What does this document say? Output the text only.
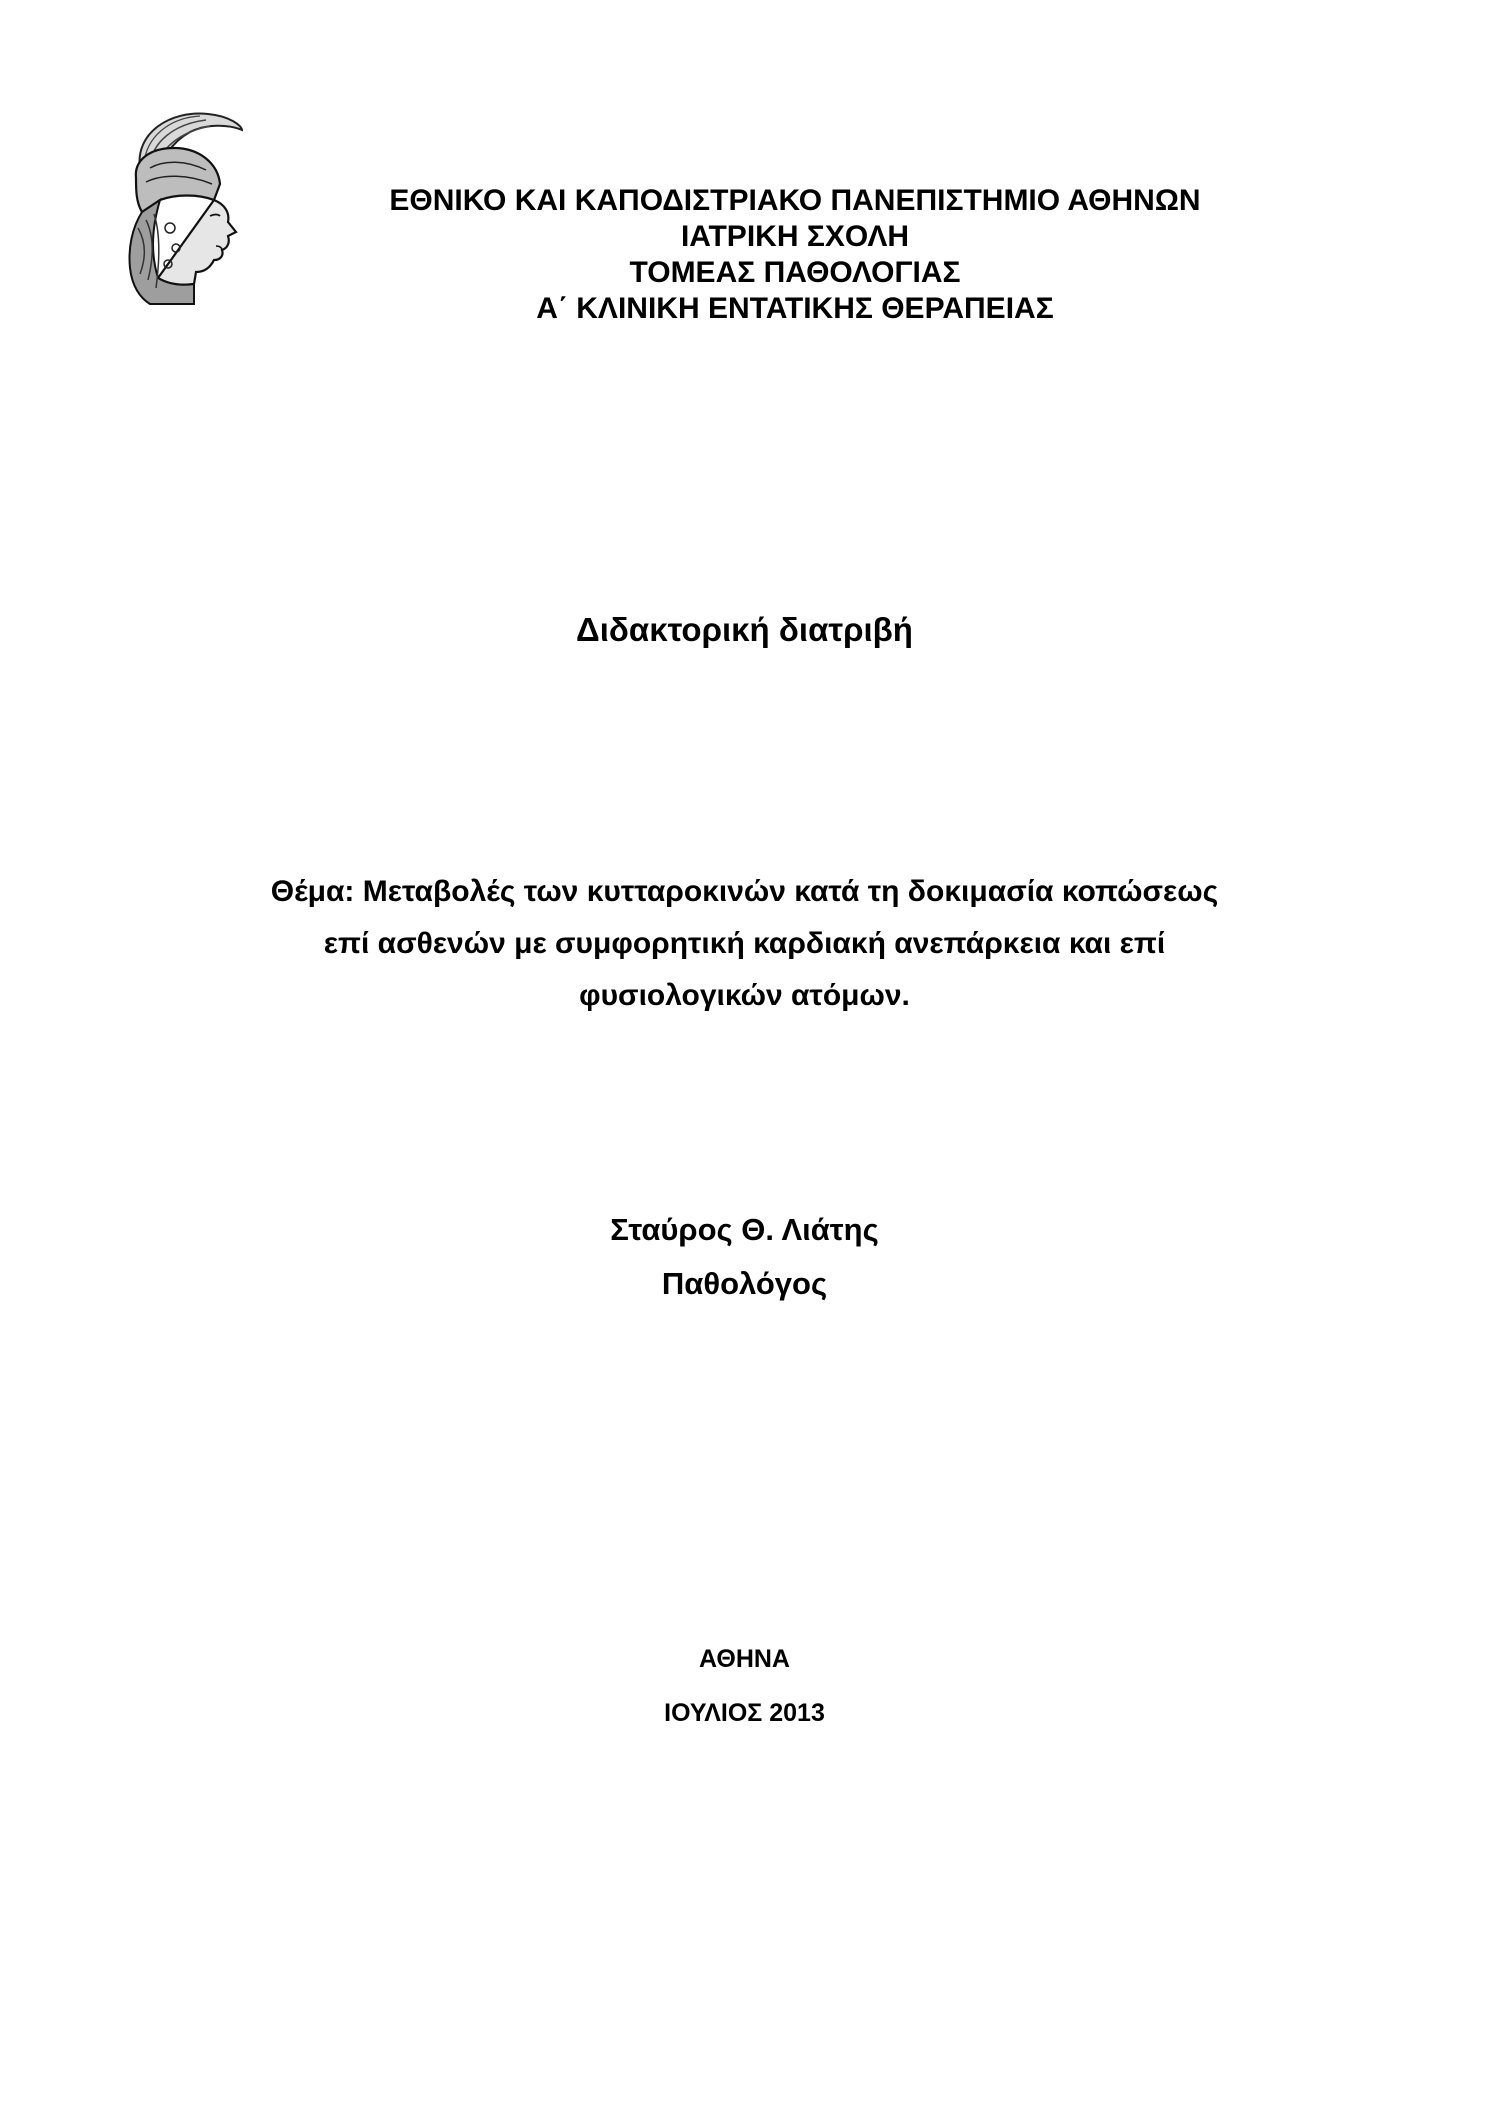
ΕΘΝΙΚΟ ΚΑΙ ΚΑΠΟΔΙΣΤΡΙΑΚΟ ΠΑΝΕΠΙΣΤΗΜΙΟ ΑΘΗΝΩΝ
ΙΑΤΡΙΚΗ ΣΧΟΛΗ
ΤΟΜΕΑΣ ΠΑΘΟΛΟΓΙΑΣ
Α΄ ΚΛΙΝΙΚΗ ΕΝΤΑΤΙΚΗΣ ΘΕΡΑΠΕΙΑΣ
Διδακτορική διατριβή
Θέμα: Μεταβολές των κυτταροκινών κατά τη δοκιμασία κοπώσεως
επί ασθενών με συμφορητική καρδιακή ανεπάρκεια και επί
φυσιολογικών ατόμων.
Σταύρος Θ. Λιάτης
Παθολόγος
ΑΘΗΝΑ
ΙΟΥΛΙΟΣ 2013
